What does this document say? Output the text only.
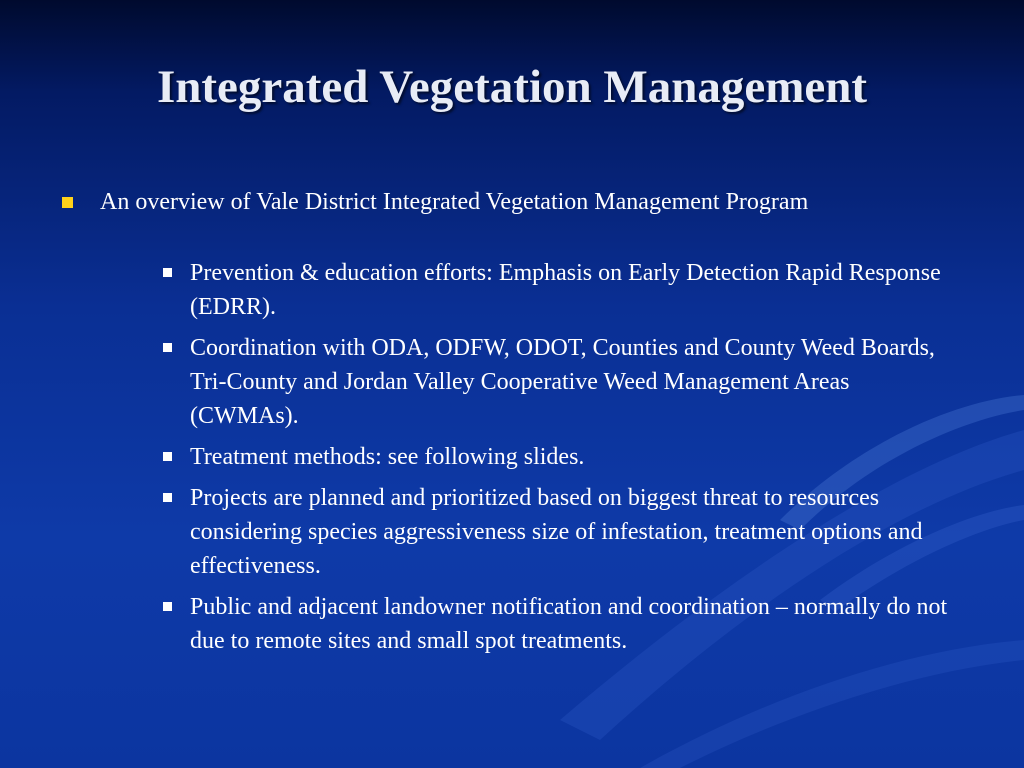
Integrated Vegetation Management
An overview of Vale District Integrated Vegetation Management Program
Prevention & education efforts: Emphasis on Early Detection Rapid Response (EDRR).
Coordination with ODA, ODFW, ODOT, Counties and County Weed Boards, Tri-County and Jordan Valley Cooperative Weed Management Areas (CWMAs).
Treatment methods: see following slides.
Projects are planned and prioritized based on biggest threat to resources considering species aggressiveness size of infestation, treatment options and effectiveness.
Public and adjacent landowner notification and coordination – normally do not due to remote sites and small spot treatments.
